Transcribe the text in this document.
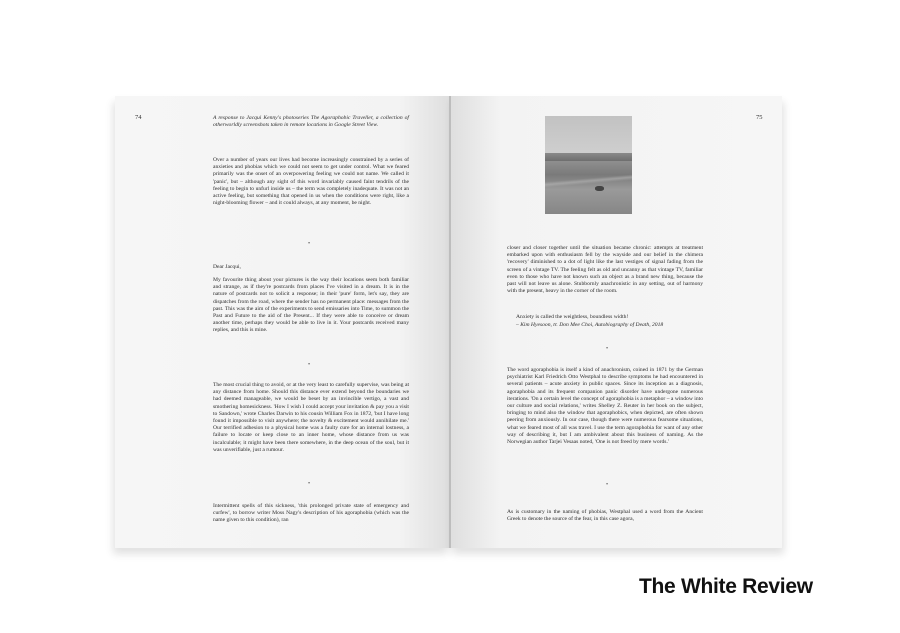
74	A response to Jacqui Kenny's photoseries The Agoraphobic Traveller, a collection of otherworldly screenshots taken in remote locations in Google Street View.

Over a number of years our lives had become increasingly constrained by a series of anxieties and phobias which we could not seem to get under control. What we feared primarily was the onset of an overpowering feeling we could not name. We called it 'panic', but – although any sight of this word invariably caused faint tendrils of the feeling to begin to unfurl inside us – the term was completely inadequate. It was not an active feeling, but something that opened in us when the conditions were right, like a night-blooming flower – and it could always, at any moment, be night.

•

Dear Jacqui,

My favourite thing about your pictures is the way their locations seem both familiar and strange, as if they're postcards from places I've visited in a dream. It is in the nature of postcards not to solicit a response; in their 'pure' form, let's say, they are dispatches from the road, where the sender has no permanent place: messages from the past. This was the aim of the experiments to send emissaries into Time, to summon the Past and Future to the aid of the Present... If they were able to conceive or dream another time, perhaps they would be able to live in it. Your postcards received many replies, and this is mine.

•

The most crucial thing to avoid, or at the very least to carefully supervise, was being at any distance from home. Should this distance ever extend beyond the boundaries we had deemed manageable, we would be beset by an invincible vertigo, a vast and smothering homesickness. 'How I wish I could accept your invitation & pay you a visit to Sandown,' wrote Charles Darwin to his cousin William Fox in 1872, 'but I have long found it impossible to visit anywhere; the novelty & excitement would annihilate me.' Our terrified adhesion to a physical home was a faulty cure for an internal lostness, a failure to locate or keep close to an inner home, whose distance from us was incalculable; it might have been there somewhere, in the deep ocean of the soul, but it was unverifiable, just a rumour.

•

Intermittent spells of this sickness, 'this prolonged private state of emergency and curfew', to borrow writer Moss Nagy's description of his agoraphobia (which was the name given to this condition), ran

75

closer and closer together until the situation became chronic: attempts at treatment embarked upon with enthusiasm fell by the wayside and our belief in the chimera 'recovery' diminished to a dot of light like the last vestiges of signal fading from the screen of a vintage TV. The feeling felt as old and uncanny as that vintage TV, familiar even to those who have not known such an object as a brand new thing, because the past will not leave us alone. Stubbornly anachronistic in any setting, out of harmony with the present, heavy in the corner of the room.

Anxiety is called the weightless, boundless width!

– Kim Hyesoon, tr. Don Mee Choi, Autobiography of Death, 2018

•

The word agoraphobia is itself a kind of anachronism, coined in 1871 by the German psychiatrist Karl Friedrich Otto Westphal to describe symptoms he had encountered in several patients – acute anxiety in public spaces. Since its inception as a diagnosis, agoraphobia and its frequent companion panic disorder have undergone numerous iterations. 'On a certain level the concept of agoraphobia is a metaphor – a window into our culture and social relations,' writes Shelley Z. Reuter in her book on the subject, bringing to mind also the window that agoraphobics, when depicted, are often shown peering from anxiously. In our case, though there were numerous fearsome situations, what we feared most of all was travel. I use the term agoraphobia for want of any other way of describing it, but I am ambivalent about this business of naming. As the Norwegian author Tarjei Vesaas noted, 'One is not freed by mere words.'

•

As is customary in the naming of phobias, Westphal used a word from the Ancient Greek to denote the source of the fear, in this case agora,

The White Review
